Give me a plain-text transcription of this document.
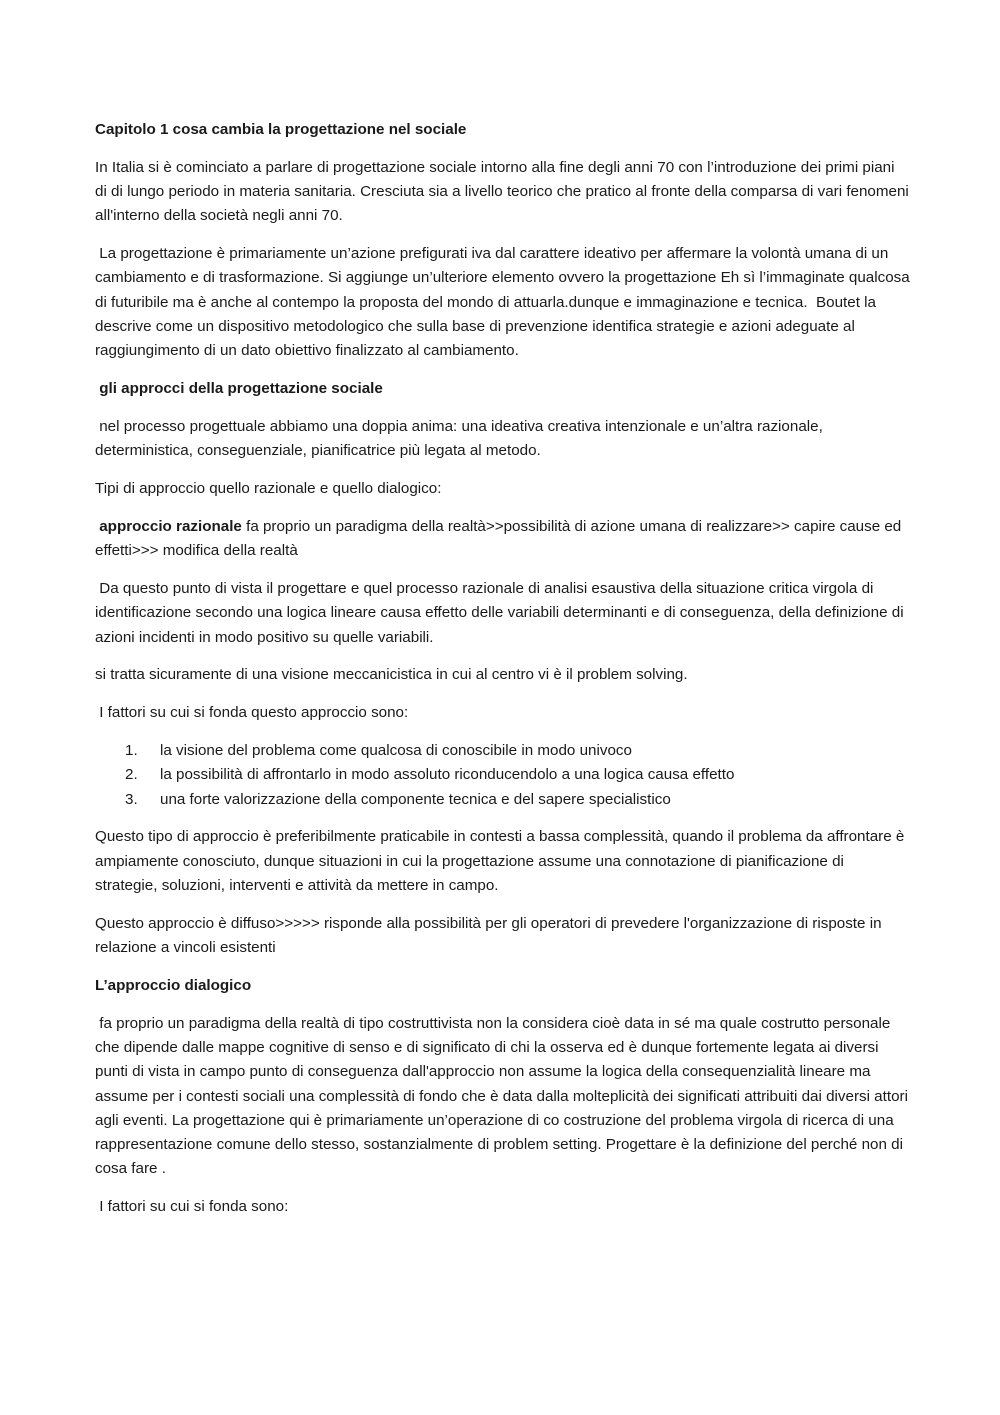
Capitolo 1 cosa cambia la progettazione nel sociale

In Italia si è cominciato a parlare di progettazione sociale intorno alla fine degli anni 70 con l’introduzione dei primi piani di di lungo periodo in materia sanitaria. Cresciuta sia a livello teorico che pratico al fronte della comparsa di vari fenomeni all'interno della società negli anni 70.

La progettazione è primariamente un’azione prefigurati iva dal carattere ideativo per affermare la volontà umana di un cambiamento e di trasformazione. Si aggiunge un’ulteriore elemento ovvero la progettazione Eh sì l’immaginate qualcosa di futuribile ma è anche al contempo la proposta del mondo di attuarla.dunque e immaginazione e tecnica.  Boutet la descrive come un dispositivo metodologico che sulla base di prevenzione identifica strategie e azioni adeguate al raggiungimento di un dato obiettivo finalizzato al cambiamento.

gli approcci della progettazione sociale

nel processo progettuale abbiamo una doppia anima: una ideativa creativa intenzionale e un’altra razionale, deterministica, conseguenziale, pianificatrice più legata al metodo.

Tipi di approccio quello razionale e quello dialogico:

approccio razionale fa proprio un paradigma della realtà>>possibilità di azione umana di realizzare>> capire cause ed effetti>>> modifica della realtà

Da questo punto di vista il progettare e quel processo razionale di analisi esaustiva della situazione critica virgola di identificazione secondo una logica lineare causa effetto delle variabili determinanti e di conseguenza, della definizione di azioni incidenti in modo positivo su quelle variabili.

si tratta sicuramente di una visione meccanicistica in cui al centro vi è il problem solving.

I fattori su cui si fonda questo approccio sono:

1. la visione del problema come qualcosa di conoscibile in modo univoco
2. la possibilità di affrontarlo in modo assoluto riconducendolo a una logica causa effetto
3. una forte valorizzazione della componente tecnica e del sapere specialistico

Questo tipo di approccio è preferibilmente praticabile in contesti a bassa complessità, quando il problema da affrontare è ampiamente conosciuto, dunque situazioni in cui la progettazione assume una connotazione di pianificazione di strategie, soluzioni, interventi e attività da mettere in campo.

Questo approccio è diffuso>>>>> risponde alla possibilità per gli operatori di prevedere l'organizzazione di risposte in relazione a vincoli esistenti

L’approccio dialogico

fa proprio un paradigma della realtà di tipo costruttivista non la considera cioè data in sé ma quale costrutto personale che dipende dalle mappe cognitive di senso e di significato di chi la osserva ed è dunque fortemente legata ai diversi punti di vista in campo punto di conseguenza dall'approccio non assume la logica della consequenzialità lineare ma assume per i contesti sociali una complessità di fondo che è data dalla molteplicità dei significati attribuiti dai diversi attori agli eventi. La progettazione qui è primariamente un’operazione di co costruzione del problema virgola di ricerca di una rappresentazione comune dello stesso, sostanzialmente di problem setting. Progettare è la definizione del perché non di cosa fare .

I fattori su cui si fonda sono:
